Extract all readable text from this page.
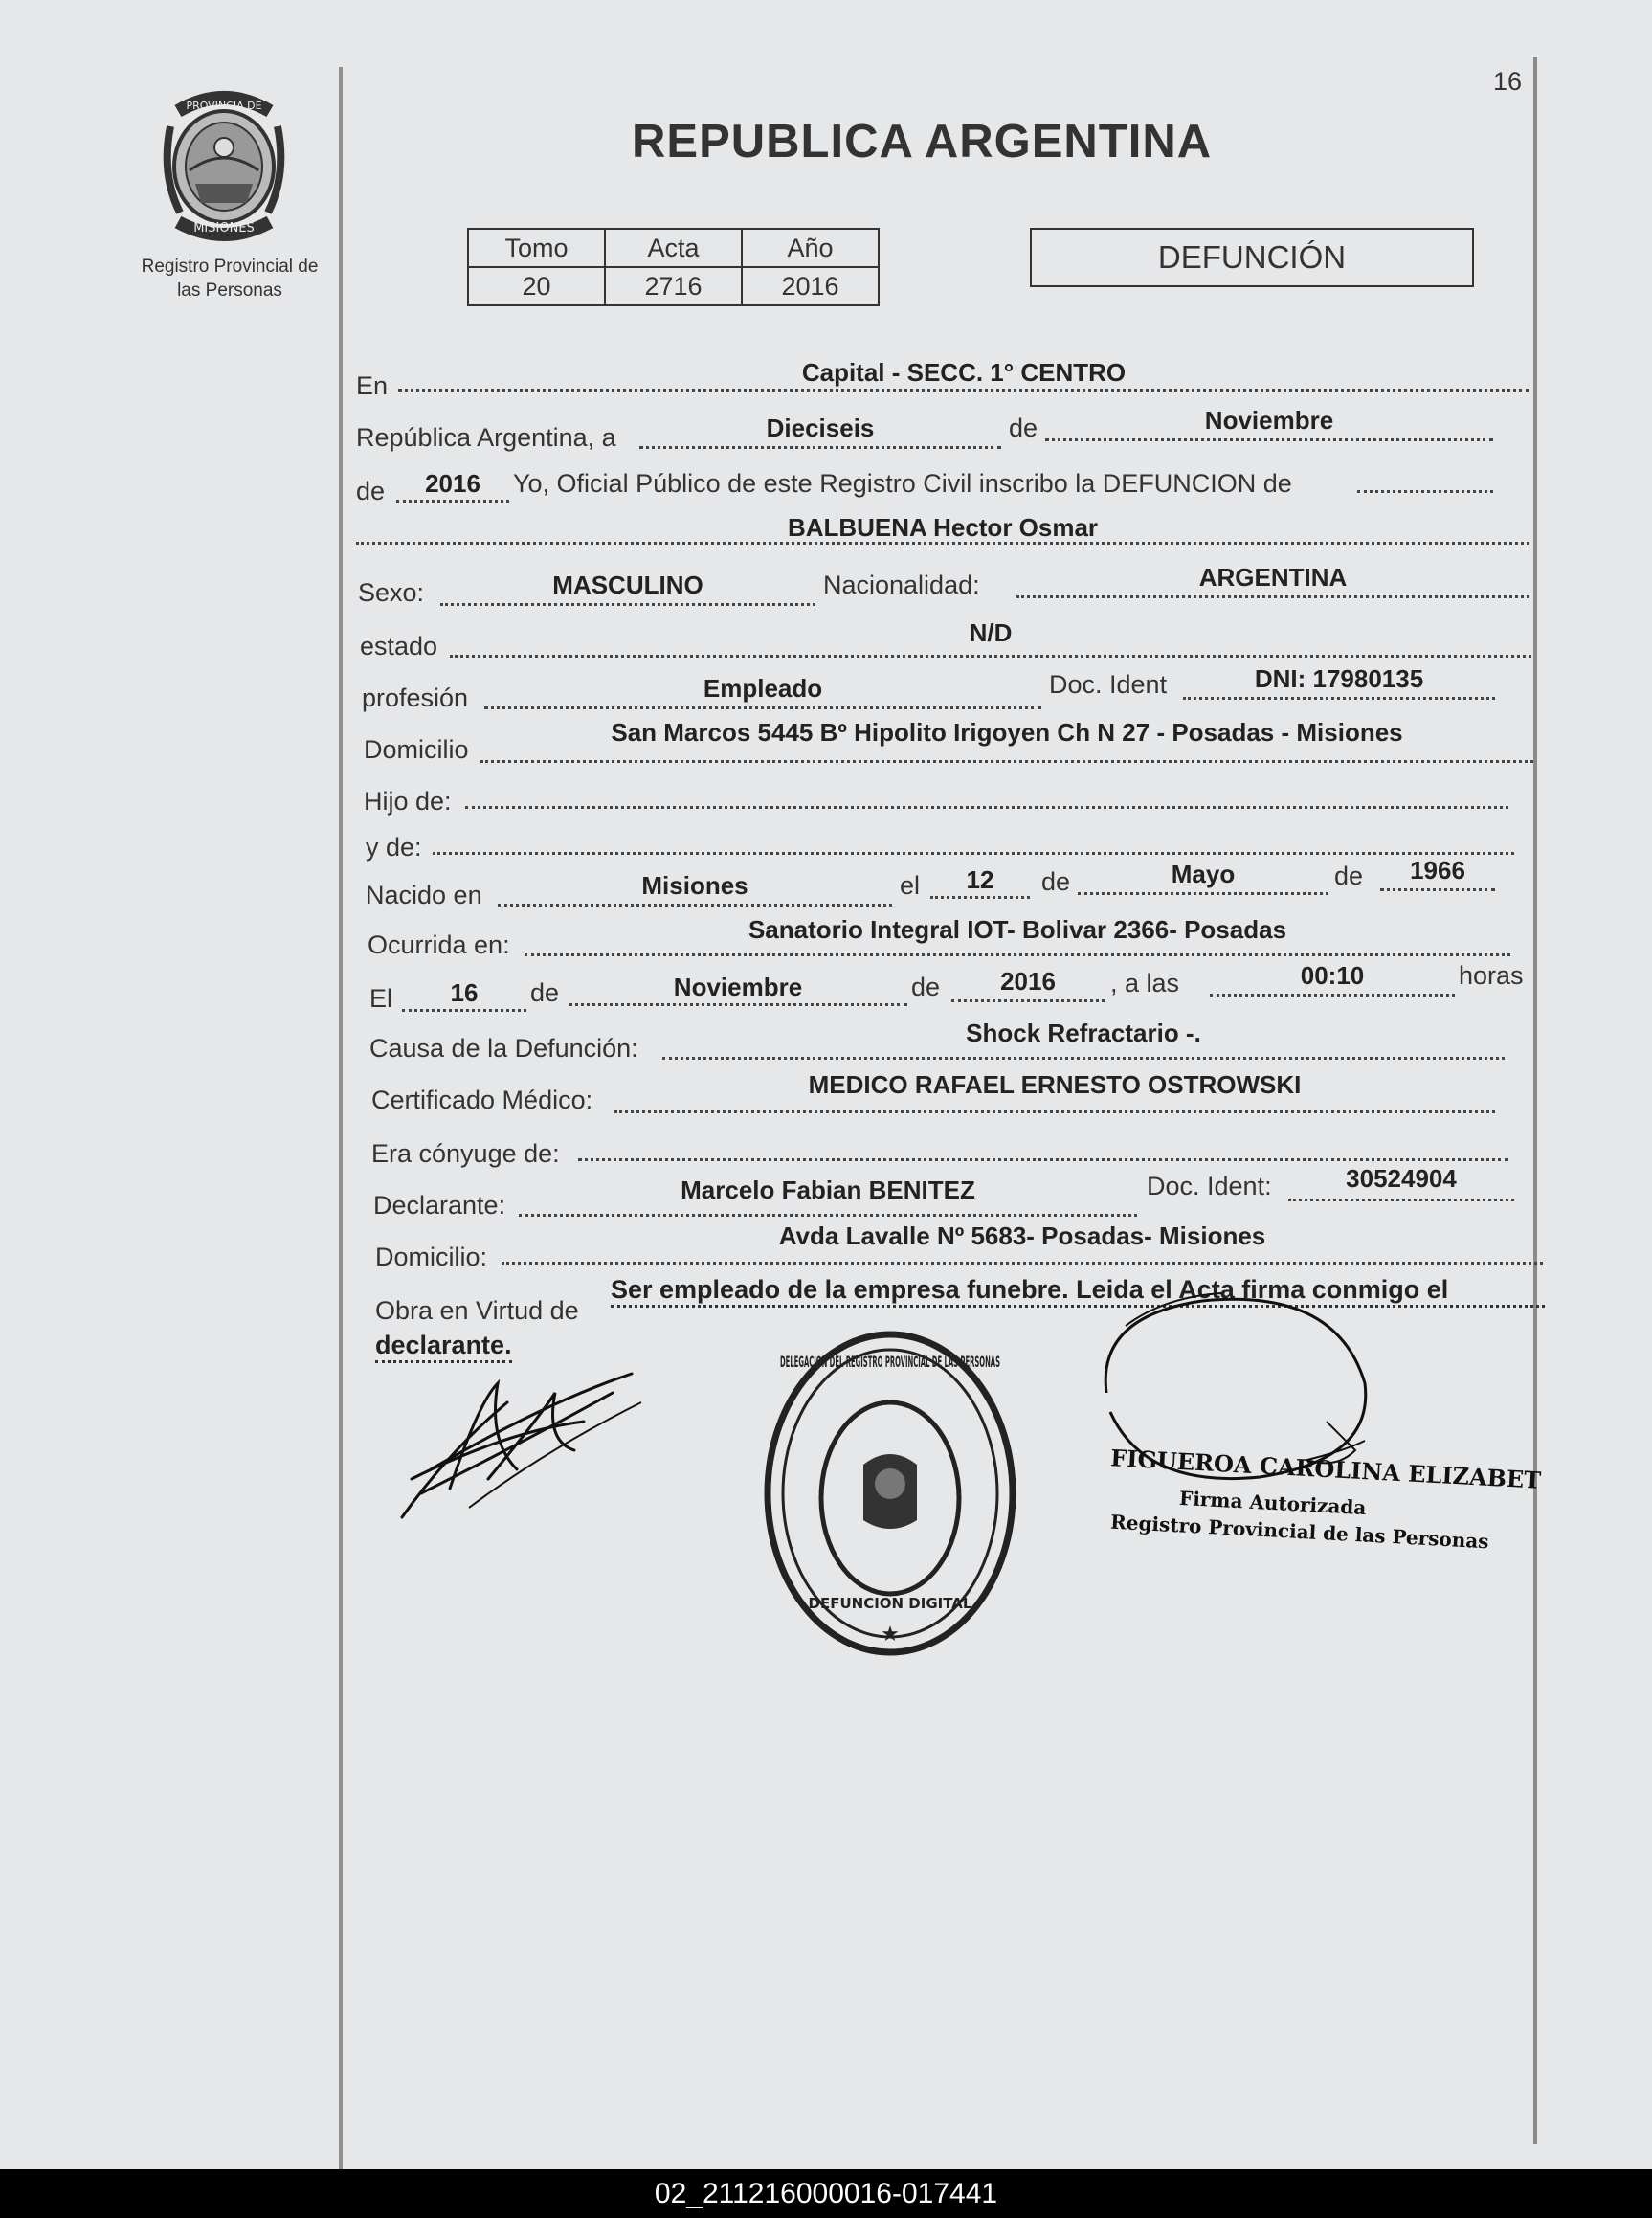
16
PROVINCIA DE
MISIONES
Registro Provincial de
las Personas
REPUBLICA ARGENTINA
Tomo	Acta	Año
20	2716	2016
DEFUNCIÓN
En	Capital - SECC. 1° CENTRO
República Argentina, a	Dieciseis	de	Noviembre
de	2016	Yo, Oficial Público de este Registro Civil inscribo la DEFUNCION de
BALBUENA Hector Osmar
Sexo:	MASCULINO	Nacionalidad:	ARGENTINA
estado	N/D
profesión	Empleado	Doc. Ident	DNI: 17980135
Domicilio
San Marcos 5445 Bº Hipolito Irigoyen Ch N 27 - Posadas - Misiones
Hijo de:
y de:
Nacido en	Misiones	el	12	de	Mayo	de	1966
Ocurrida en:
Sanatorio Integral IOT- Bolivar 2366- Posadas
El	16	de	Noviembre	de	2016	, a las	00:10	horas
Causa de la Defunción:
Shock Refractario -.
Certificado Médico:
MEDICO RAFAEL ERNESTO OSTROWSKI
Era cónyuge de:
Declarante:
Marcelo Fabian BENITEZ	Doc. Ident:	30524904
Domicilio:
Avda Lavalle Nº 5683- Posadas- Misiones
Obra en Virtud de
Ser empleado de la empresa funebre. Leida el Acta firma conmigo el
declarante.
DELEGACION DEL REGISTRO PROVINCIAL DE LAS PERSONAS
DEFUNCION DIGITAL
★
FIGUEROA CAROLINA ELIZABET
Firma Autorizada
Registro Provincial de las Personas
02_211216000016-017441
